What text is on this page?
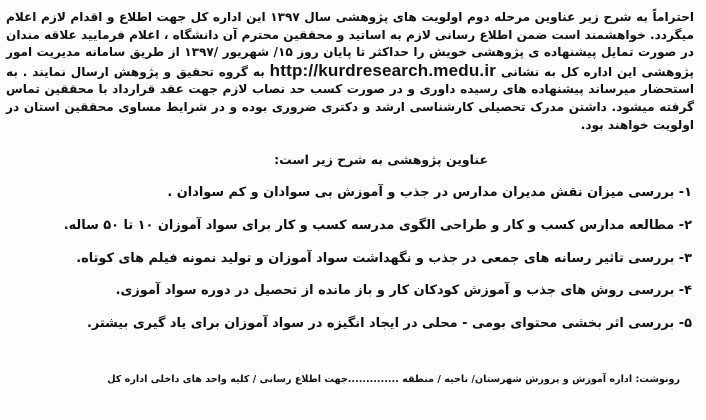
احتراماً به شرح زیر عناوین مرحله دوم اولویت های پژوهشی سال ۱۳۹۷ این اداره کل جهت اطلاع و اقدام لازم اعلام میگردد. خواهشمند است ضمن اطلاع رسانی لازم به اساتید و محققین محترم آن دانشگاه ، اعلام فرمایید علاقه مندان در صورت تمایل پیشنهاده ی پژوهشی خویش را حداکثر تا پایان روز ۱۵/ شهریور /۱۳۹۷ از طریق سامانه مدیریت امور پژوهشی این اداره کل به نشانی http://kurdresearch.medu.ir به گروه تحقیق و پژوهش ارسال نمایند . به استحضار میرساند پیشنهاده های رسیده داوری و در صورت کسب حد نصاب لازم جهت عقد قرارداد با محققین تماس گرفته میشود. داشتن مدرک تحصیلی کارشناسی ارشد و دکتری ضروری بوده و در شرایط مساوی محققین استان در اولویت خواهند بود.

عناوین پژوهشی به شرح زیر است:
۱- بررسی میزان نقش مدیران مدارس در جذب و آموزش بی سوادان و کم سوادان .
۲- مطالعه مدارس کسب و کار و طراحی الگوی مدرسه کسب و کار برای سواد آموزان ۱۰ تا ۵۰ ساله.
۳- بررسی تاثیر رسانه های جمعی در جذب و نگهداشت سواد آموزان و تولید نمونه فیلم های کوتاه.
۴- بررسی روش های جذب و آموزش کودکان کار و باز مانده از تحصیل در دوره سواد آموزی.
۵- بررسی اثر بخشی محتوای بومی - محلی در ایجاد انگیزه در سواد آموزان برای یاد گیری بیشتر.
رونوشت: اداره آموزش و پرورش شهرستان/ ناحیه / منطقه ..............جهت اطلاع رسانی / کلیه واحد های داخلی اداره کل
